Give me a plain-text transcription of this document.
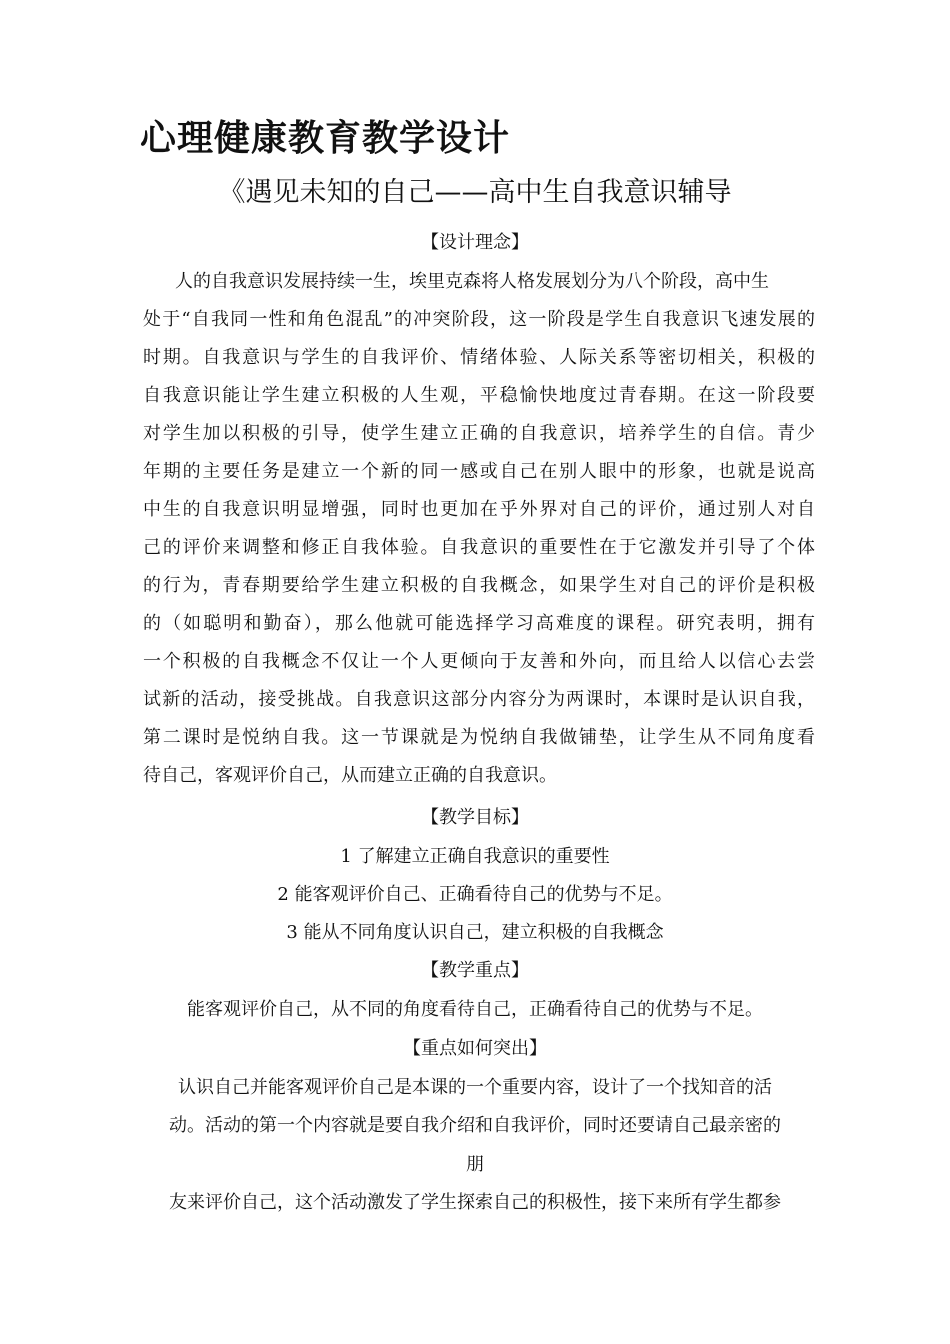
心理健康教育教学设计
《遇见未知的自己——高中生自我意识辅导
【设计理念】
人的自我意识发展持续一生，埃里克森将人格发展划分为八个阶段，高中生
处于“自我同一性和角色混乱”的冲突阶段，这一阶段是学生自我意识飞速发展的
时期。自我意识与学生的自我评价、情绪体验、人际关系等密切相关，积极的
自我意识能让学生建立积极的人生观，平稳愉快地度过青春期。在这一阶段要
对学生加以积极的引导，使学生建立正确的自我意识，培养学生的自信。青少
年期的主要任务是建立一个新的同一感或自己在别人眼中的形象，也就是说高
中生的自我意识明显增强，同时也更加在乎外界对自己的评价，通过别人对自
己的评价来调整和修正自我体验。自我意识的重要性在于它激发并引导了个体
的行为，青春期要给学生建立积极的自我概念，如果学生对自己的评价是积极
的（如聪明和勤奋），那么他就可能选择学习高难度的课程。研究表明，拥有
一个积极的自我概念不仅让一个人更倾向于友善和外向，而且给人以信心去尝
试新的活动，接受挑战。自我意识这部分内容分为两课时，本课时是认识自我，
第二课时是悦纳自我。这一节课就是为悦纳自我做铺垫，让学生从不同角度看
待自己，客观评价自己，从而建立正确的自我意识。
【教学目标】
1 了解建立正确自我意识的重要性
2 能客观评价自己、正确看待自己的优势与不足。
3 能从不同角度认识自己，建立积极的自我概念
【教学重点】
能客观评价自己，从不同的角度看待自己，正确看待自己的优势与不足。
【重点如何突出】
认识自己并能客观评价自己是本课的一个重要内容，设计了一个找知音的活
动。活动的第一个内容就是要自我介绍和自我评价，同时还要请自己最亲密的
朋
友来评价自己，这个活动激发了学生探索自己的积极性，接下来所有学生都参
